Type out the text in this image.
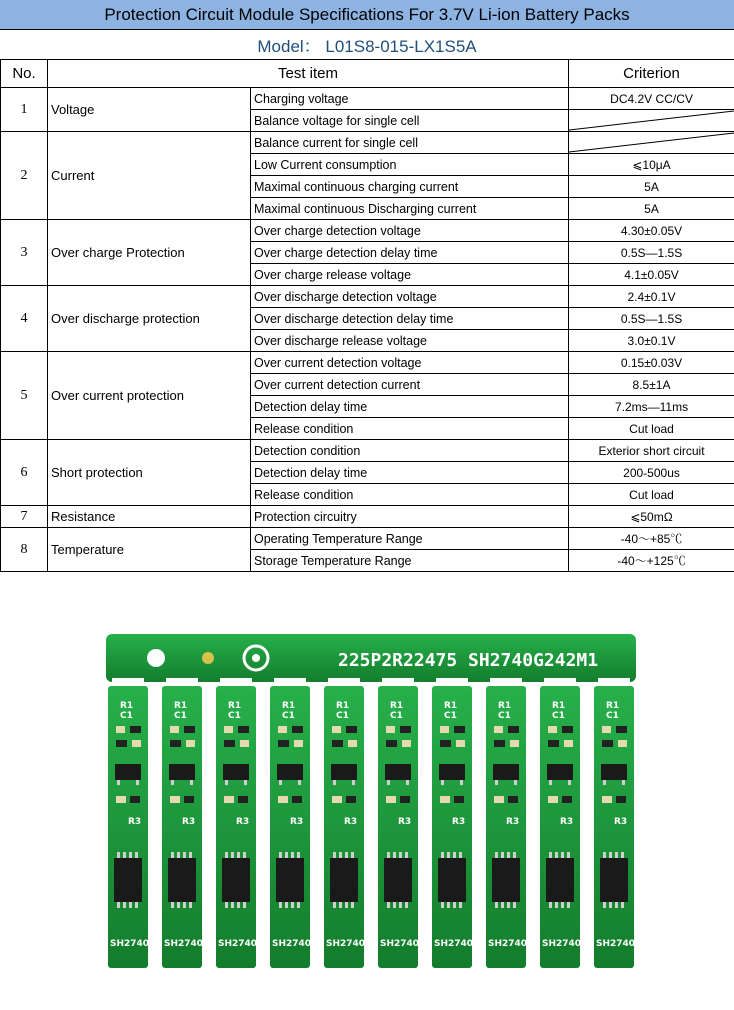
Protection Circuit Module Specifications For 3.7V Li-ion Battery Packs
Model： L01S8-015-LX1S5A
No.	Test item		Criterion
1	Voltage	Charging voltage	DC4.2V CC/CV
		Balance voltage for single cell	

2	Current	Balance current for single cell	

		Low Current consumption	⩽10μA
		Maximal continuous charging current	5A
		Maximal continuous Discharging current	5A
3	Over charge Protection	Over charge detection voltage	4.30±0.05V
		Over charge detection delay time	0.5S—1.5S
		Over charge release voltage	4.1±0.05V
4	Over discharge protection	Over discharge detection voltage	2.4±0.1V
		Over discharge detection delay time	0.5S—1.5S
		Over discharge release voltage	3.0±0.1V
5	Over current protection	Over current detection voltage	0.15±0.03V
		Over current detection current	8.5±1A
		Detection delay time	7.2ms—11ms
		Release condition	Cut load
6	Short protection	Detection condition	Exterior short circuit
		Detection delay time	200-500us
		Release condition	Cut load
7	Resistance	Protection circuitry	⩽50mΩ
8	Temperature	Operating Temperature Range	-40～+85℃
		Storage Temperature Range	-40～+125℃
225P2R22475 SH2740G242M1
R1
C1
R3
SH2740
R1
C1
R3
SH2740
R1
C1
R3
SH2740
R1
C1
R3
SH2740
R1
C1
R3
SH2740
R1
C1
R3
SH2740
R1
C1
R3
SH2740
R1
C1
R3
SH2740
R1
C1
R3
SH2740
R1
C1
R3
SH2740
